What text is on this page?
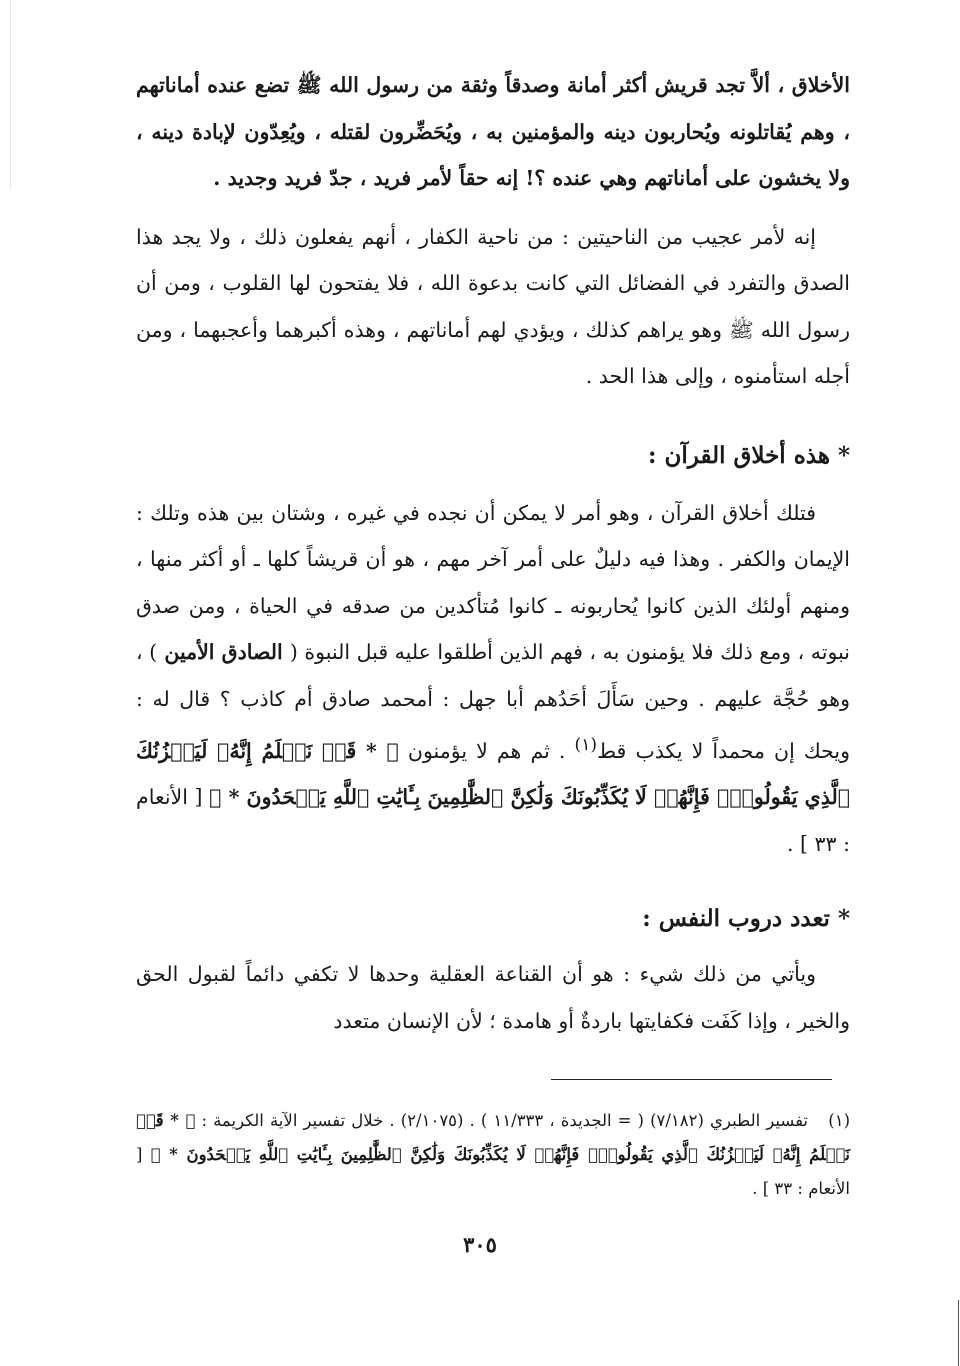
الأخلاق ، ألاَّ تجد قريش أكثر أمانة وصدقاً وثقة من رسول الله ﷺ تضع عنده أماناتهم ، وهم يُقاتلونه ويُحاربون دينه والمؤمنين به ، ويُحَضِّرون لقتله ، ويُعِدّون لإبادة دينه ، ولا يخشون على أماناتهم وهي عنده ؟! إنه حقاً لأمر فريد ، جدّ فريد وجديد .

إنه لأمر عجيب من الناحيتين : من ناحية الكفار ، أنهم يفعلون ذلك ، ولا يجد هذا الصدق والتفرد في الفضائل التي كانت بدعوة الله ، فلا يفتحون لها القلوب ، ومن أن رسول الله ﷺ وهو يراهم كذلك ، ويؤدي لهم أماناتهم ، وهذه أكبرهما وأعجبهما ، ومن أجله استأمنوه ، وإلى هذا الحد .

* هذه أخلاق القرآن :

فتلك أخلاق القرآن ، وهو أمر لا يمكن أن نجده في غيره ، وشتان بين هذه وتلك : الإيمان والكفر . وهذا فيه دليلٌ على أمر آخر مهم ، هو أن قريشاً كلها ـ أو أكثر منها ، ومنهم أولئك الذين كانوا يُحاربونه ـ كانوا مُتأكدين من صدقه في الحياة ، ومن صدق نبوته ، ومع ذلك فلا يؤمنون به ، فهم الذين أطلقوا عليه قبل النبوة ( الصادق الأمين ) ، وهو حُجَّة عليهم . وحين سَأَلَ أحَدُهم أبا جهل : أمحمد صادق أم كاذب ؟ قال له : ويحك إن محمداً لا يكذب قط$^{(١)}$ . ثم هم لا يؤمنون ﴿ * قَدۡ نَعۡلَمُ إِنَّهُۥ لَيَحۡزُنُكَ ٱلَّذِي يَقُولُونَۖ فَإِنَّهُمۡ لَا يُكَذِّبُونَكَ وَلَٰكِنَّ ٱلظَّٰلِمِينَ بِـَٔايَٰتِ ٱللَّهِ يَجۡحَدُونَ * ﴾ [ الأنعام : ٣٣ ] .

* تعدد دروب النفس :

ويأتي من ذلك شيء : هو أن القناعة العقلية وحدها لا تكفي دائماً لقبول الحق والخير ، وإذا كَفَت فكفايتها باردةٌ أو هامدة ؛ لأن الإنسان متعدد

(١)تفسير الطبري (٧/١٨٢) ( = الجديدة ، ١١/٣٣٣ ) . (٢/١٠٧٥) . خلال تفسير الآية الكريمة : ﴿ * قَدۡ نَعۡلَمُ إِنَّهُۥ لَيَحۡزُنُكَ ٱلَّذِي يَقُولُونَۖ فَإِنَّهُمۡ لَا يُكَذِّبُونَكَ وَلَٰكِنَّ ٱلظَّٰلِمِينَ بِـَٔايَٰتِ ٱللَّهِ يَجۡحَدُونَ * ﴾ [ الأنعام : ٣٣ ] .

٣٠٥
